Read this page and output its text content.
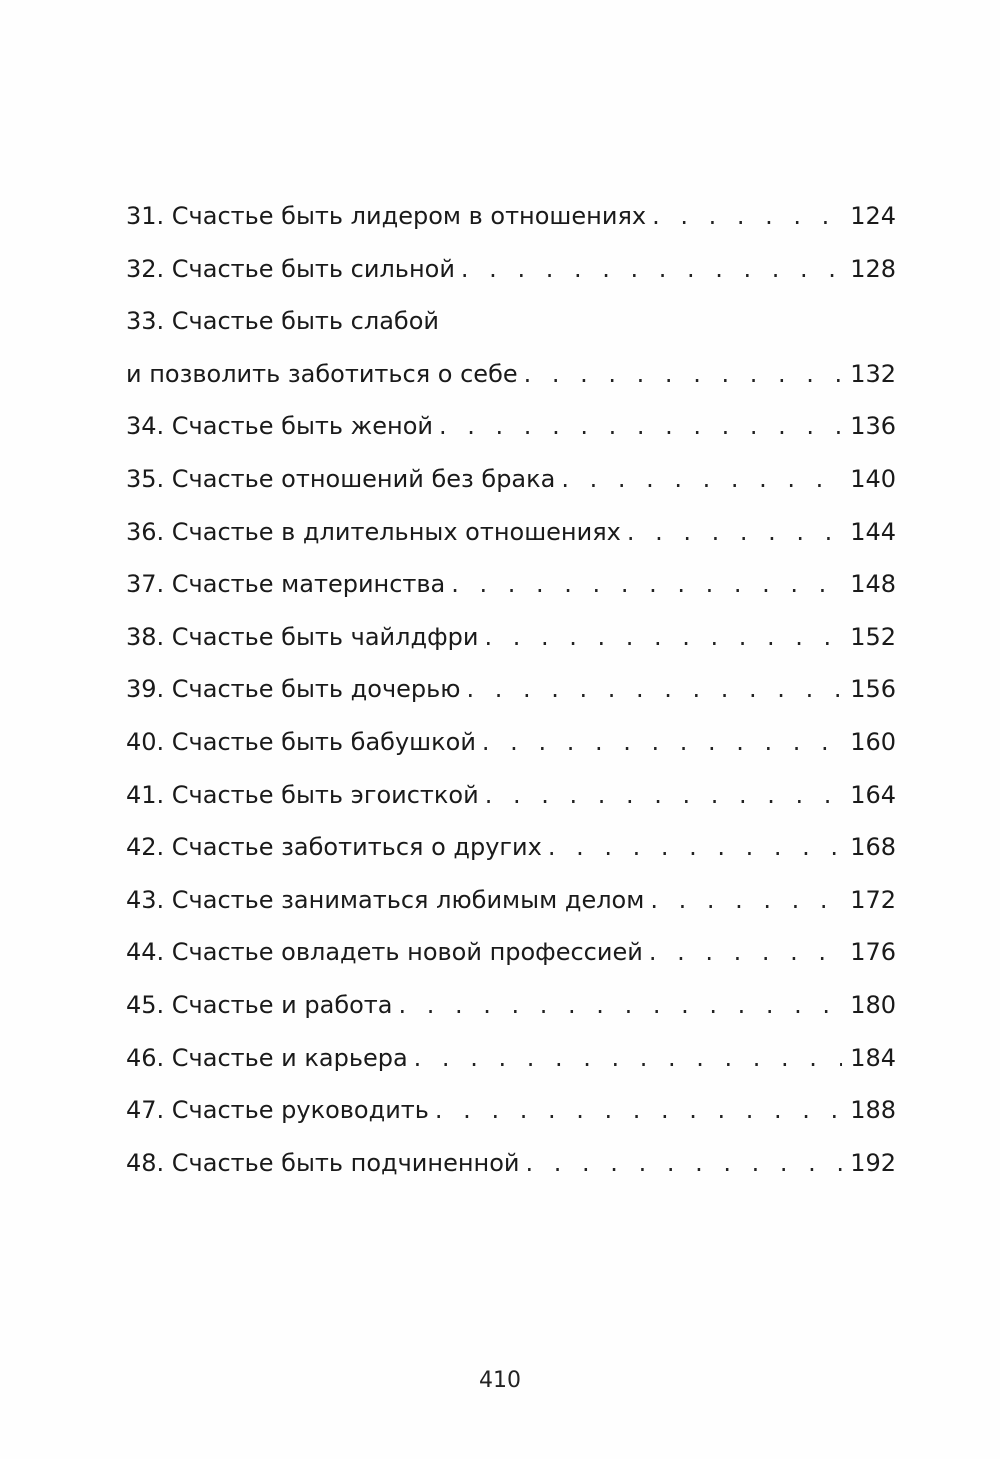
31. Счастье быть лидером в отношениях . . .	124
32. Счастье быть сильной . . .	128
33. Счастье быть слабой
и позволить заботиться о себе . . .	132
34. Счастье быть женой . . .	136
35. Счастье отношений без брака . . .	140
36. Счастье в длительных отношениях . . .	144
37. Счастье материнства . . .	148
38. Счастье быть чайлдфри . . .	152
39. Счастье быть дочерью . . .	156
40. Счастье быть бабушкой . . .	160
41. Счастье быть эгоисткой . . .	164
42. Счастье заботиться о других . . .	168
43. Счастье заниматься любимым делом . . .	172
44. Счастье овладеть новой профессией . . .	176
45. Счастье и работа . . .	180
46. Счастье и карьера . . .	184
47. Счастье руководить . . .	188
48. Счастье быть подчиненной . . .	192
410
